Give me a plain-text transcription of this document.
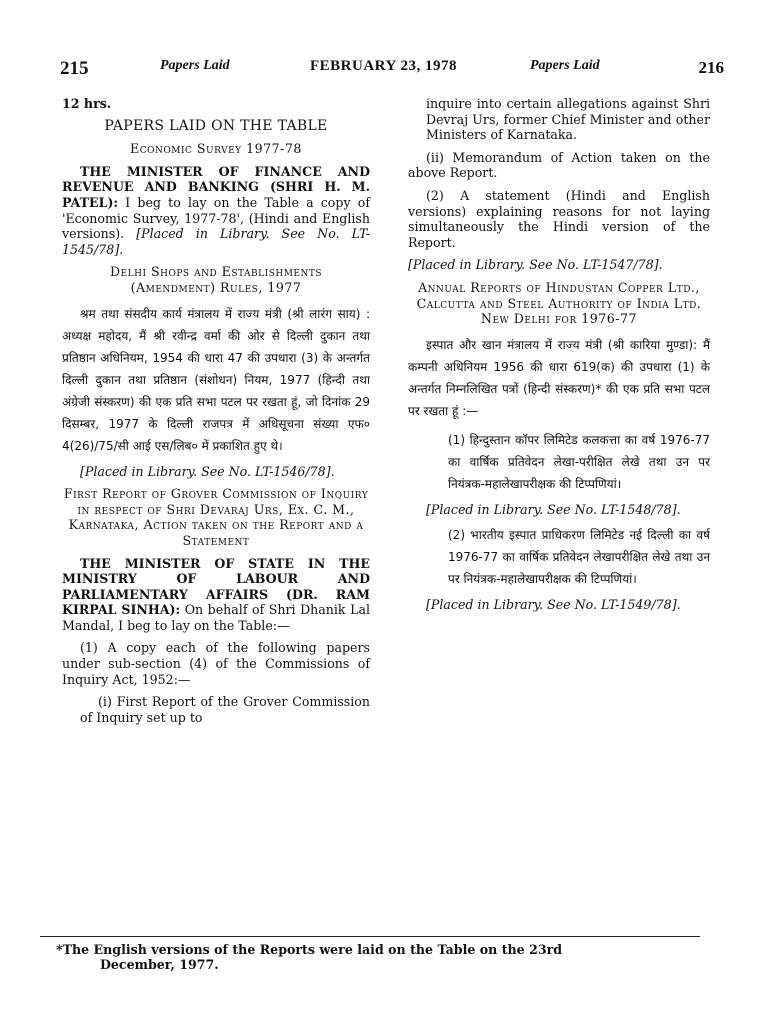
215	Papers Laid	FEBRUARY 23, 1978	Papers Laid	216

12 hrs.

PAPERS LAID ON THE TABLE

Economic Survey 1977-78

THE MINISTER OF FINANCE AND REVENUE AND BANKING (SHRI H. M. PATEL): I beg to lay on the Table a copy of 'Economic Survey, 1977-78', (Hindi and English versions). [Placed in Library. See No. LT-1545/78].

Delhi Shops and Establishments
(Amendment) Rules, 1977

श्रम तथा संसदीय कार्य मंत्रालय में राज्य मंत्री (श्री लारंग साय) : अध्यक्ष महोदय, मैं श्री रवीन्द्र वर्मा की ओर से दिल्ली दुकान तथा प्रतिष्ठान अधिनियम, 1954 की धारा 47 की उपधारा (3) के अन्तर्गत दिल्ली दुकान तथा प्रतिष्ठान (संशोधन) नियम, 1977 (हिन्दी तथा अंग्रेजी संस्करण) की एक प्रति सभा पटल पर रखता हूं, जो दिनांक 29 दिसम्बर, 1977 के दिल्ली राजपत्र में अधिसूचना संख्या एफ० 4(26)/75/सी आई एस/लिब० में प्रकाशित हुए थे।

[Placed in Library. See No. LT-1546/78].

First Report of Grover Commission of Inquiry in respect of Shri Devaraj Urs, Ex. C. M., Karnataka, Action taken on the Report and a Statement

THE MINISTER OF STATE IN THE MINISTRY OF LABOUR AND PARLIAMENTARY AFFAIRS (DR. RAM KIRPAL SINHA): On behalf of Shri Dhanik Lal Mandal, I beg to lay on the Table:—

(1) A copy each of the following papers under sub-section (4) of the Commissions of Inquiry Act, 1952:—

(i) First Report of the Grover Commission of Inquiry set up to

inquire into certain allegations against Shri Devraj Urs, former Chief Minister and other Ministers of Karnataka.

(ii) Memorandum of Action taken on the above Report.

(2) A statement (Hindi and English versions) explaining reasons for not laying simultaneously the Hindi version of the Report.

[Placed in Library. See No. LT-1547/78].

Annual Reports of Hindustan Copper Ltd., Calcutta and Steel Authority of India Ltd. New Delhi for 1976-77

इस्पात और खान मंत्रालय में राज्य मंत्री (श्री कारिया मुण्डा): मैं कम्पनी अधिनियम 1956 की धारा 619(क) की उपधारा (1) के अन्तर्गत निम्नलिखित पत्रों (हिन्दी संस्करण)* की एक प्रति सभा पटल पर रखता हूं :—

(1) हिन्दुस्तान कॉपर लिमिटेड कलकत्ता का वर्ष 1976-77 का वार्षिक प्रतिवेदन लेखा-परीक्षित लेखे तथा उन पर नियंत्रक-महालेखापरीक्षक की टिप्पणियां।

[Placed in Library. See No. LT-1548/78].

(2) भारतीय इस्पात प्राधिकरण लिमिटेड नई दिल्ली का वर्ष 1976-77 का वार्षिक प्रतिवेदन लेखापरीक्षित लेखे तथा उन पर नियंत्रक-महालेखापरीक्षक की टिप्पणियां।

[Placed in Library. See No. LT-1549/78].

*The English versions of the Reports were laid on the Table on the 23rd
December, 1977.
